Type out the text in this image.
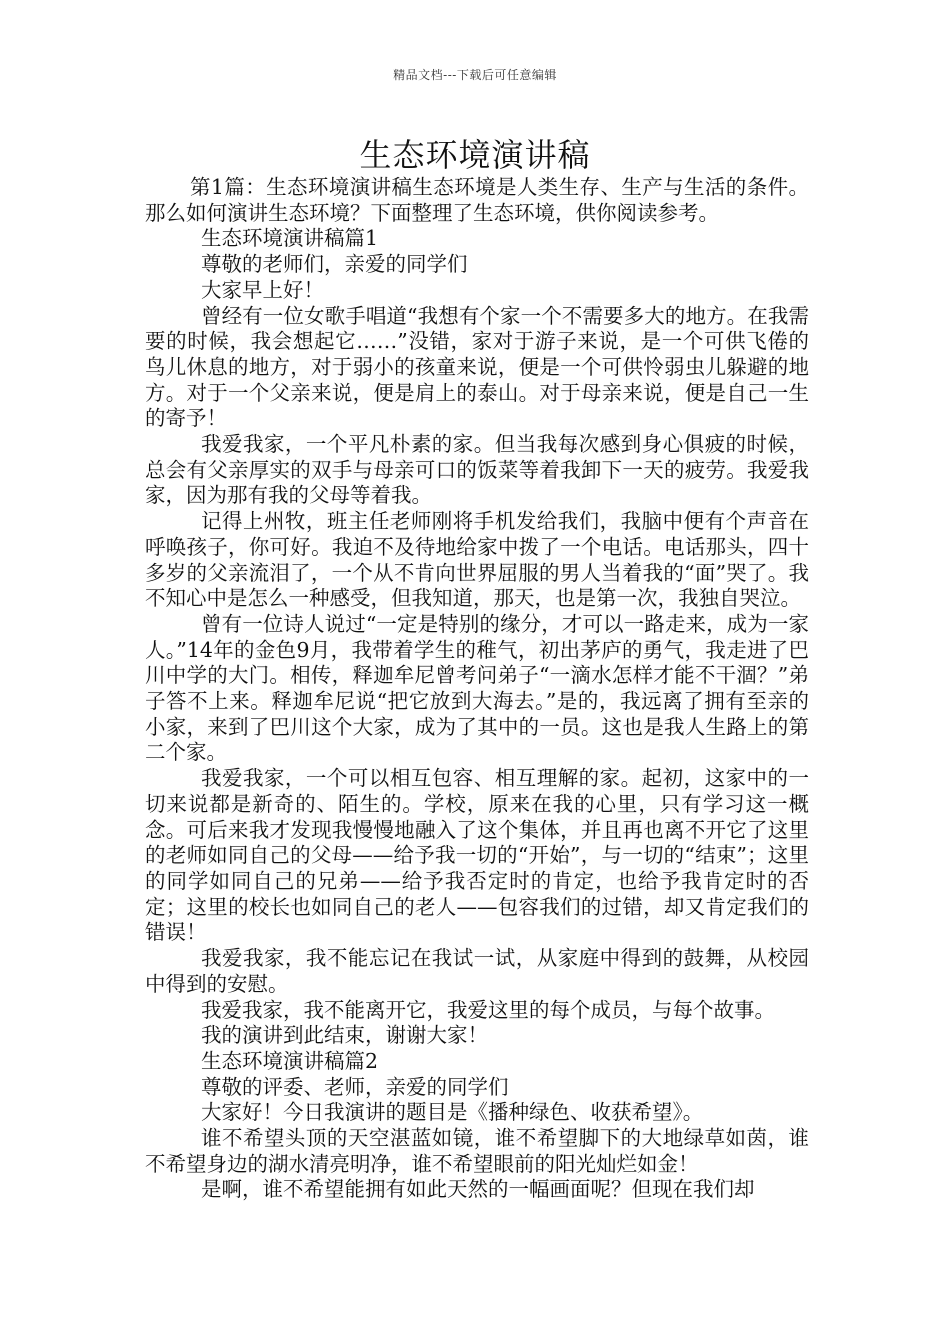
精品文档---下载后可任意编辑
生态环境演讲稿

第1篇：生态环境演讲稿生态环境是人类生存、生产与生活的条件。那么如何演讲生态环境？下面整理了生态环境，供你阅读参考。

生态环境演讲稿篇1

尊敬的老师们，亲爱的同学们

大家早上好！

曾经有一位女歌手唱道“我想有个家一个不需要多大的地方。在我需要的时候，我会想起它……”没错，家对于游子来说，是一个可供飞倦的鸟儿休息的地方，对于弱小的孩童来说，便是一个可供怜弱虫儿躲避的地方。对于一个父亲来说，便是肩上的泰山。对于母亲来说，便是自己一生的寄予！

我爱我家，一个平凡朴素的家。但当我每次感到身心俱疲的时候，总会有父亲厚实的双手与母亲可口的饭菜等着我卸下一天的疲劳。我爱我家，因为那有我的父母等着我。

记得上州牧，班主任老师刚将手机发给我们，我脑中便有个声音在呼唤孩子，你可好。我迫不及待地给家中拨了一个电话。电话那头，四十多岁的父亲流泪了，一个从不肯向世界屈服的男人当着我的“面”哭了。我不知心中是怎么一种感受，但我知道，那天，也是第一次，我独自哭泣。

曾有一位诗人说过“一定是特别的缘分，才可以一路走来，成为一家人。”14年的金色9月，我带着学生的稚气，初出茅庐的勇气，我走进了巴川中学的大门。相传，释迦牟尼曾考问弟子“一滴水怎样才能不干涸？”弟子答不上来。释迦牟尼说“把它放到大海去。”是的，我远离了拥有至亲的小家，来到了巴川这个大家，成为了其中的一员。这也是我人生路上的第二个家。

我爱我家，一个可以相互包容、相互理解的家。起初，这家中的一切来说都是新奇的、陌生的。学校，原来在我的心里，只有学习这一概念。可后来我才发现我慢慢地融入了这个集体，并且再也离不开它了这里的老师如同自己的父母——给予我一切的“开始”，与一切的“结束”；这里的同学如同自己的兄弟——给予我否定时的肯定，也给予我肯定时的否定；这里的校长也如同自己的老人——包容我们的过错，却又肯定我们的错误！

我爱我家，我不能忘记在我试一试，从家庭中得到的鼓舞，从校园中得到的安慰。

我爱我家，我不能离开它，我爱这里的每个成员，与每个故事。

我的演讲到此结束，谢谢大家！

生态环境演讲稿篇2

尊敬的评委、老师，亲爱的同学们

大家好！今日我演讲的题目是《播种绿色、收获希望》。

谁不希望头顶的天空湛蓝如镜，谁不希望脚下的大地绿草如茵，谁不希望身边的湖水清亮明净，谁不希望眼前的阳光灿烂如金！

是啊，谁不希望能拥有如此天然的一幅画面呢？但现在我们却
